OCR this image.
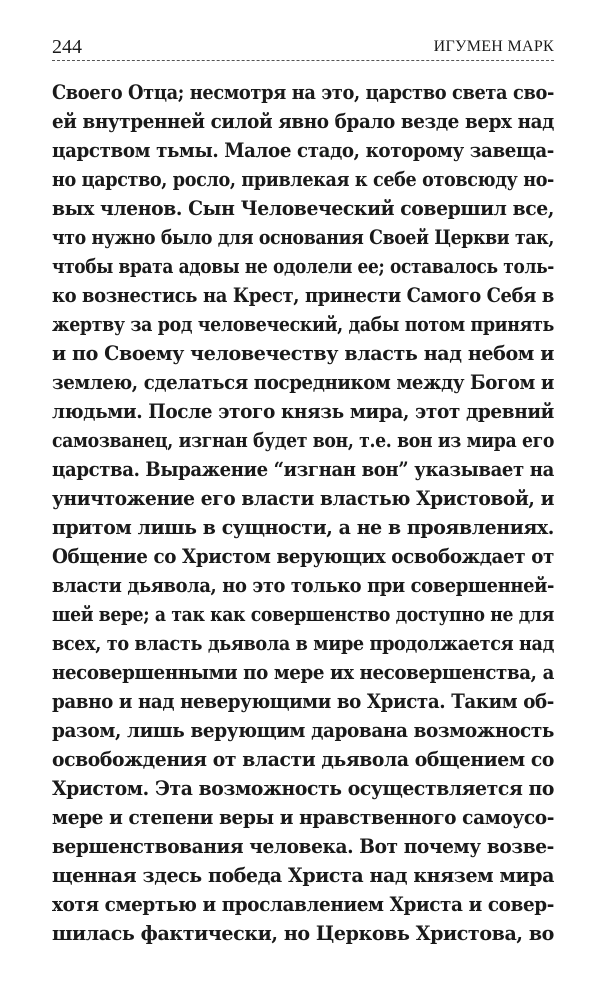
244	ИГУМЕН МАРК
Своего Отца; несмотря на это, царство света сво-
ей внутренней силой явно брало везде верх над
царством тьмы. Малое стадо, которому завеща-
но царство, росло, привлекая к себе отовсюду но-
вых членов. Сын Человеческий совершил все,
что нужно было для основания Своей Церкви так,
чтобы врата адовы не одолели ее; оставалось толь-
ко вознестись на Крест, принести Самого Себя в
жертву за род человеческий, дабы потом принять
и по Своему человечеству власть над небом и
землею, сделаться посредником между Богом и
людьми. После этого князь мира, этот древний
самозванец, изгнан будет вон, т.е. вон из мира его
царства. Выражение “изгнан вон” указывает на
уничтожение его власти властью Христовой, и
притом лишь в сущности, а не в проявлениях.
Общение со Христом верующих освобождает от
власти дьявола, но это только при совершенней-
шей вере; а так как совершенство доступно не для
всех, то власть дьявола в мире продолжается над
несовершенными по мере их несовершенства, а
равно и над неверующими во Христа. Таким об-
разом, лишь верующим дарована возможность
освобождения от власти дьявола общением со
Христом. Эта возможность осуществляется по
мере и степени веры и нравственного самоусо-
вершенствования человека. Вот почему возве-
щенная здесь победа Христа над князем мира
хотя смертью и прославлением Христа и совер-
шилась фактически, но Церковь Христова, во
